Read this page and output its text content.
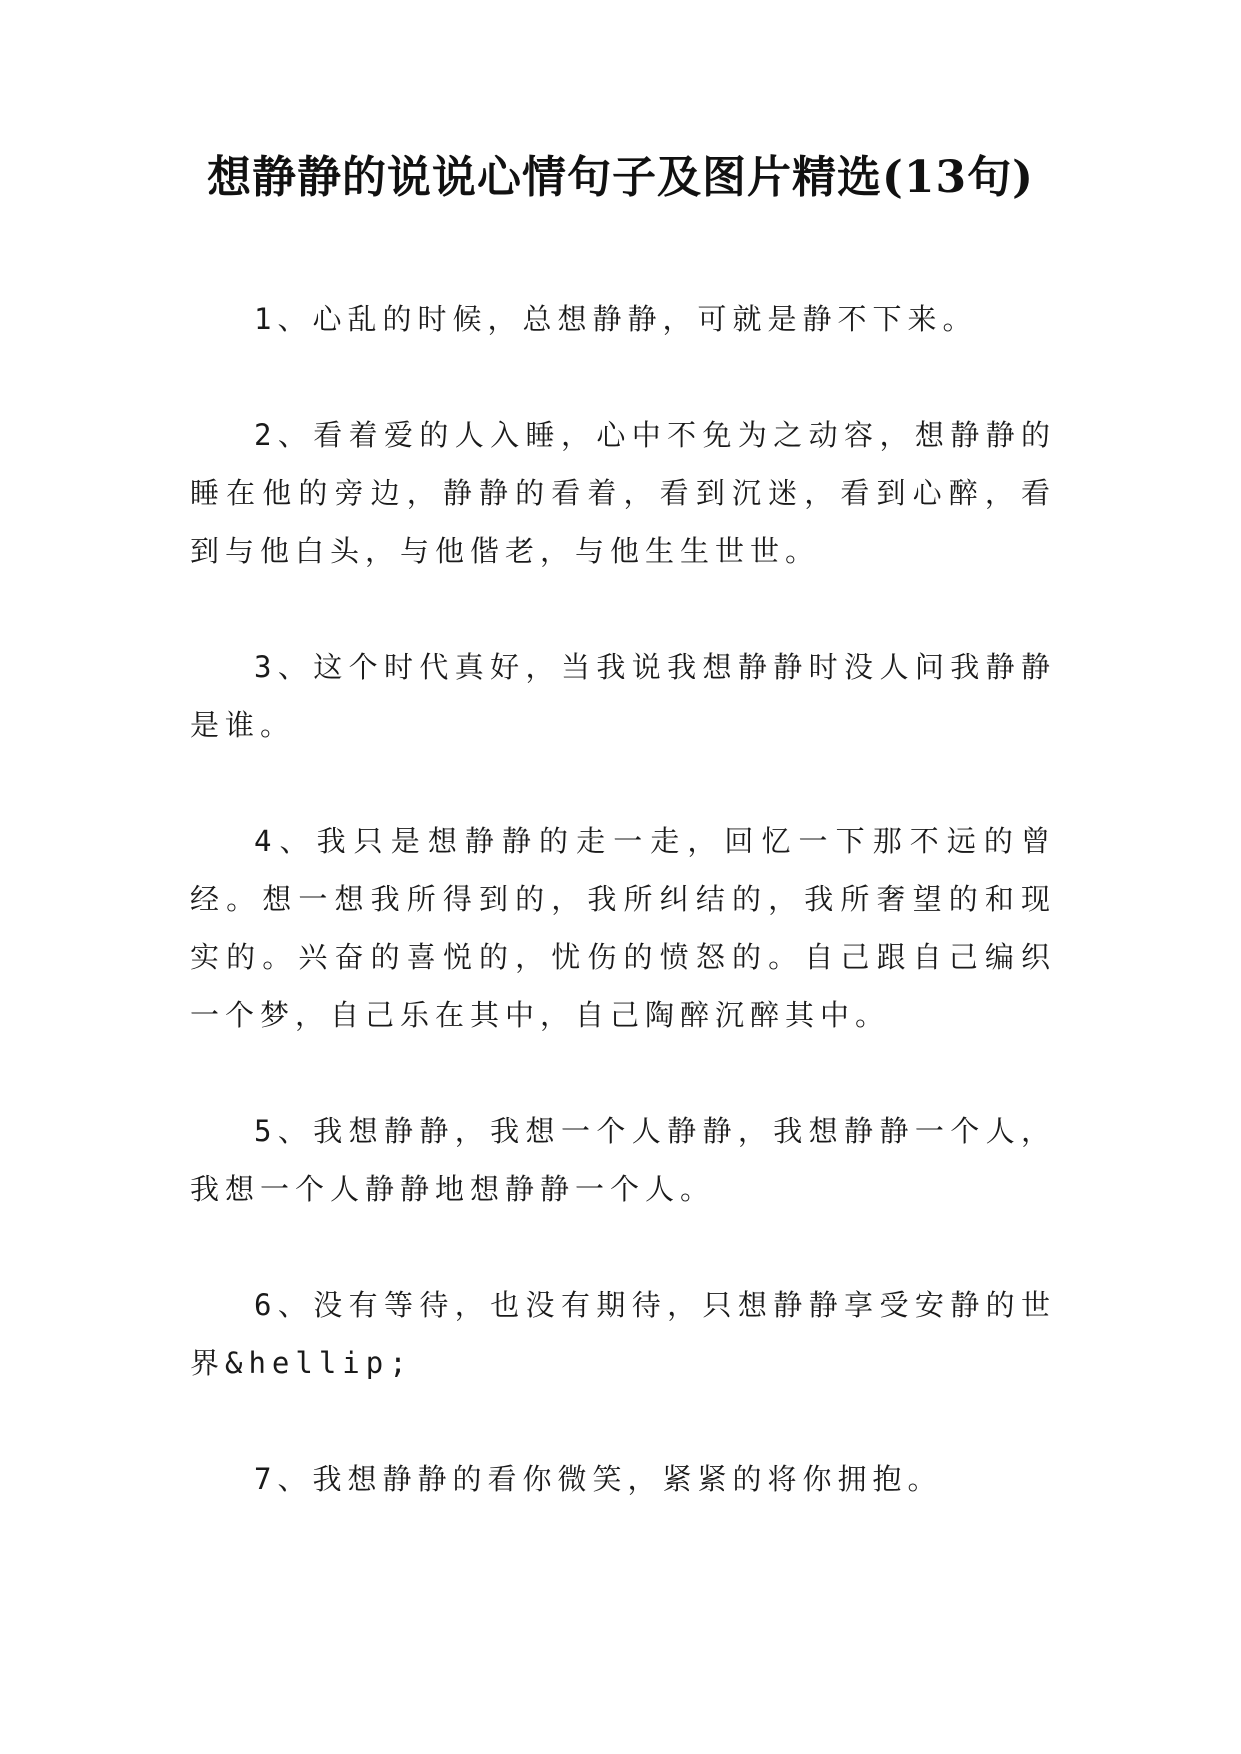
想静静的说说心情句子及图片精选(13句)

1、心乱的时候，总想静静，可就是静不下来。

2、看着爱的人入睡，心中不免为之动容，想静静的睡在他的旁边，静静的看着，看到沉迷，看到心醉，看到与他白头，与他偕老，与他生生世世。

3、这个时代真好，当我说我想静静时没人问我静静是谁。

4、我只是想静静的走一走，回忆一下那不远的曾经。想一想我所得到的，我所纠结的，我所奢望的和现实的。兴奋的喜悦的，忧伤的愤怒的。自己跟自己编织一个梦，自己乐在其中，自己陶醉沉醉其中。

5、我想静静，我想一个人静静，我想静静一个人，我想一个人静静地想静静一个人。

6、没有等待，也没有期待，只想静静享受安静的世界&hellip;

7、我想静静的看你微笑，紧紧的将你拥抱。
